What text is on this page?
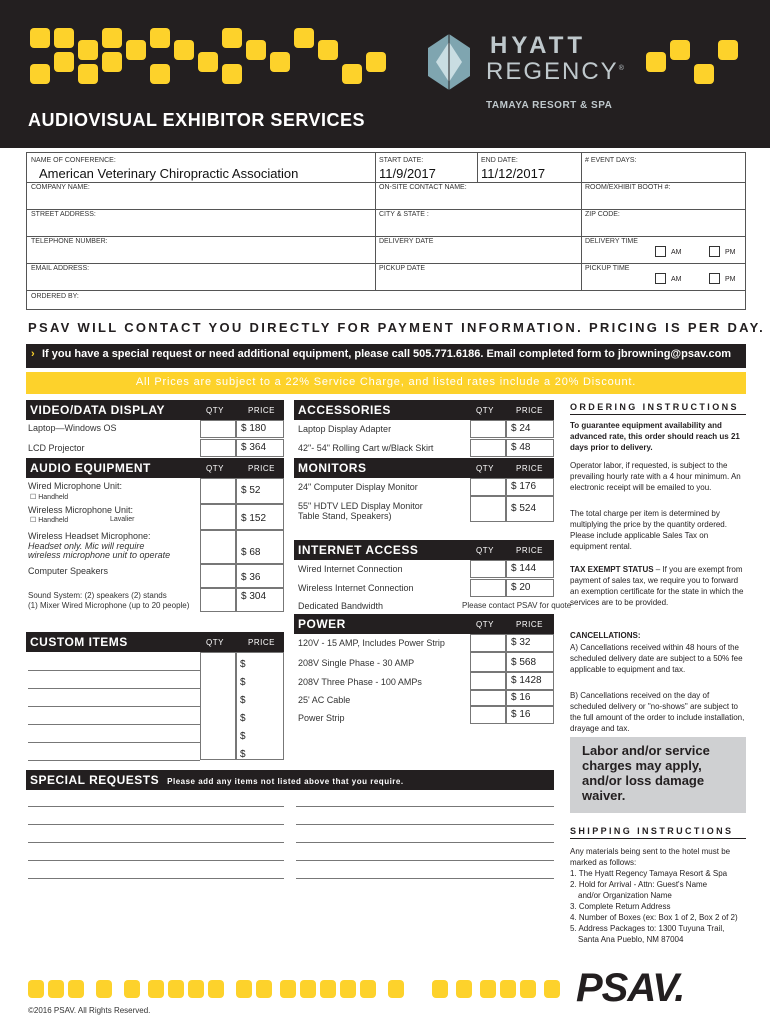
HYATT
REGENCY®
TAMAYA RESORT & SPA
AUDIOVISUAL EXHIBITOR SERVICES
NAME OF CONFERENCE:
American Veterinary Chiropractic Association
START DATE:
11/9/2017
END DATE:
11/12/2017
# EVENT DAYS:
COMPANY NAME:	ON-SITE CONTACT NAME:	ROOM/EXHIBIT BOOTH #:
STREET ADDRESS:	CITY & STATE :	ZIP CODE:
TELEPHONE NUMBER:	DELIVERY DATE	DELIVERY TIME
AM	PM
EMAIL ADDRESS:	PICKUP DATE	PICKUP TIME
AM	PM
ORDERED BY:
PSAV WILL CONTACT YOU DIRECTLY FOR PAYMENT INFORMATION. PRICING IS PER DAY.
› If you have a special request or need additional equipment, please call 505.771.6186. Email completed form to jbrowning@psav.com
All Prices are subject to a 22% Service Charge, and listed rates include a 20% Discount.
VIDEO/DATA DISPLAY	QTY	PRICE
Laptop—Windows OS	$ 180
LCD Projector	$ 364
AUDIO EQUIPMENT	QTY	PRICE
Wired Microphone Unit:
☐ Handheld
$ 52
Wireless Microphone Unit:
☐ Handheld	Lavalier	$ 152
Wireless Headset Microphone:
Headset only. Mic will require
wireless microphone unit to operate	$ 68
Computer Speakers
$ 36
Sound System: (2) speakers (2) stands
(1) Mixer Wired Microphone (up to 20 people)
$ 304
CUSTOM ITEMS	QTY	PRICE
$
$
$
$
$
$
ACCESSORIES	QTY	PRICE
Laptop Display Adapter	$ 24
42"- 54" Rolling Cart w/Black Skirt	$ 48
MONITORS	QTY	PRICE
24" Computer Display Monitor	$ 176
55" HDTV LED Display Monitor
Table Stand, Speakers)
$ 524
INTERNET ACCESS	QTY	PRICE
Wired Internet Connection	$ 144
Wireless Internet Connection	$ 20
Dedicated Bandwidth	Please contact PSAV for quote
POWER	QTY	PRICE
120V - 15 AMP, Includes Power Strip	$ 32
208V Single Phase - 30 AMP	$ 568
208V Three Phase - 100 AMPs	$ 1428
25' AC Cable	$ 16
Power Strip	$ 16
SPECIAL REQUESTS Please add any items not listed above that you require.
ORDERING INSTRUCTIONS
To guarantee equipment availability and advanced rate, this order should reach us 21 days prior to delivery.
Operator labor, if requested, is subject to the prevailing hourly rate with a 4 hour minimum. An electronic receipt will be emailed to you.
The total charge per item is determined by multiplying the price by the quantity ordered. Please include applicable Sales Tax on equipment rental.
TAX EXEMPT STATUS – If you are exempt from payment of sales tax, we require you to forward an exemption certificate for the state in which the services are to be provided.
CANCELLATIONS:
A) Cancellations received within 48 hours of the scheduled delivery date are subject to a 50% fee applicable to equipment and tax.
B) Cancellations received on the day of scheduled delivery or "no-shows" are subject to the full amount of the order to include installation, drayage and tax.
Labor and/or service charges may apply, and/or loss damage waiver.
SHIPPING INSTRUCTIONS
Any materials being sent to the hotel must be marked as follows:
1. The Hyatt Regency Tamaya Resort & Spa
2. Hold for Arrival - Attn: Guest's Name
and/or Organization Name
3. Complete Return Address
4. Number of Boxes (ex: Box 1 of 2, Box 2 of 2)
5. Address Packages to: 1300 Tuyuna Trail,
Santa Ana Pueblo, NM 87004
PSAV.
©2016 PSAV. All Rights Reserved.
